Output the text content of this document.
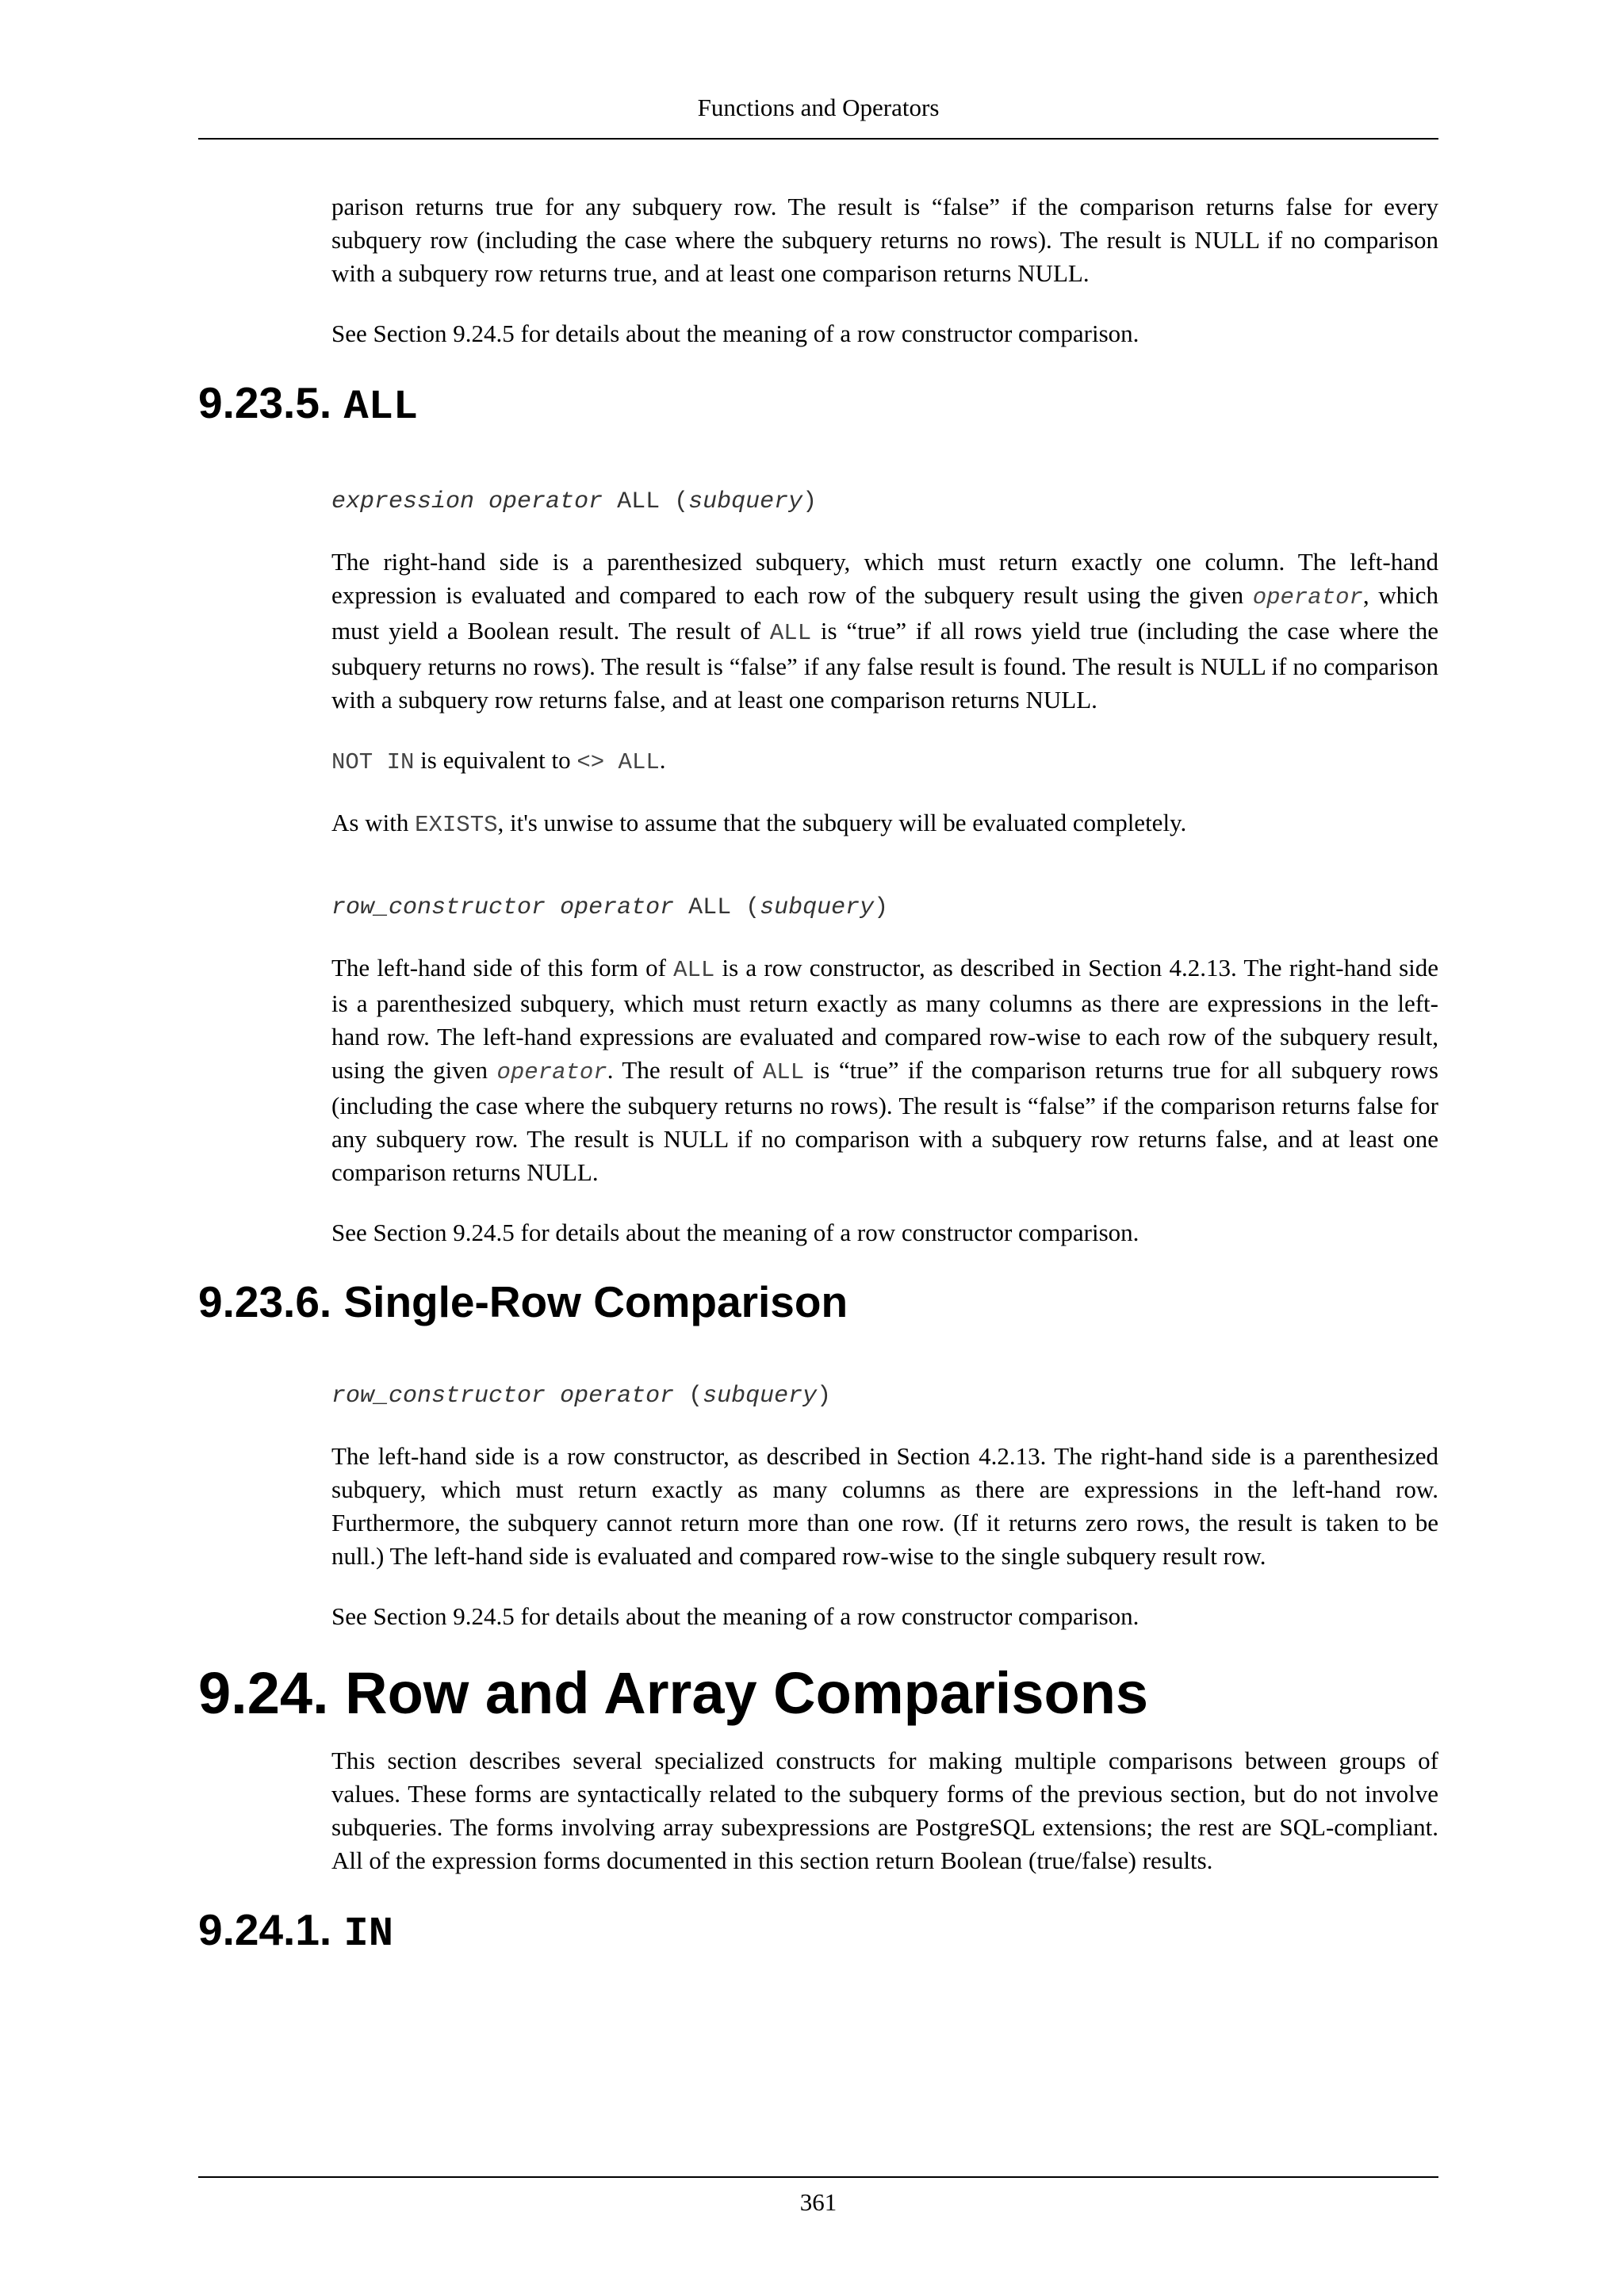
Functions and Operators

parison returns true for any subquery row. The result is “false” if the comparison returns false for every subquery row (including the case where the subquery returns no rows). The result is NULL if no comparison with a subquery row returns true, and at least one comparison returns NULL.

See Section 9.24.5 for details about the meaning of a row constructor comparison.

9.23.5. ALL
expression operator ALL (subquery)

The right-hand side is a parenthesized subquery, which must return exactly one column. The left-hand expression is evaluated and compared to each row of the subquery result using the given operator, which must yield a Boolean result. The result of ALL is “true” if all rows yield true (including the case where the subquery returns no rows). The result is “false” if any false result is found. The result is NULL if no comparison with a subquery row returns false, and at least one comparison returns NULL.

NOT IN is equivalent to <> ALL.

As with EXISTS, it's unwise to assume that the subquery will be evaluated completely.

row_constructor operator ALL (subquery)

The left-hand side of this form of ALL is a row constructor, as described in Section 4.2.13. The right-hand side is a parenthesized subquery, which must return exactly as many columns as there are expressions in the left-hand row. The left-hand expressions are evaluated and compared row-wise to each row of the subquery result, using the given operator. The result of ALL is “true” if the comparison returns true for all subquery rows (including the case where the subquery returns no rows). The result is “false” if the comparison returns false for any subquery row. The result is NULL if no comparison with a subquery row returns false, and at least one comparison returns NULL.

See Section 9.24.5 for details about the meaning of a row constructor comparison.

9.23.6. Single-Row Comparison
row_constructor operator (subquery)

The left-hand side is a row constructor, as described in Section 4.2.13. The right-hand side is a parenthesized subquery, which must return exactly as many columns as there are expressions in the left-hand row. Furthermore, the subquery cannot return more than one row. (If it returns zero rows, the result is taken to be null.) The left-hand side is evaluated and compared row-wise to the single subquery result row.

See Section 9.24.5 for details about the meaning of a row constructor comparison.

9.24. Row and Array Comparisons

This section describes several specialized constructs for making multiple comparisons between groups of values. These forms are syntactically related to the subquery forms of the previous section, but do not involve subqueries. The forms involving array subexpressions are PostgreSQL extensions; the rest are SQL-compliant. All of the expression forms documented in this section return Boolean (true/false) results.

9.24.1. IN
361
